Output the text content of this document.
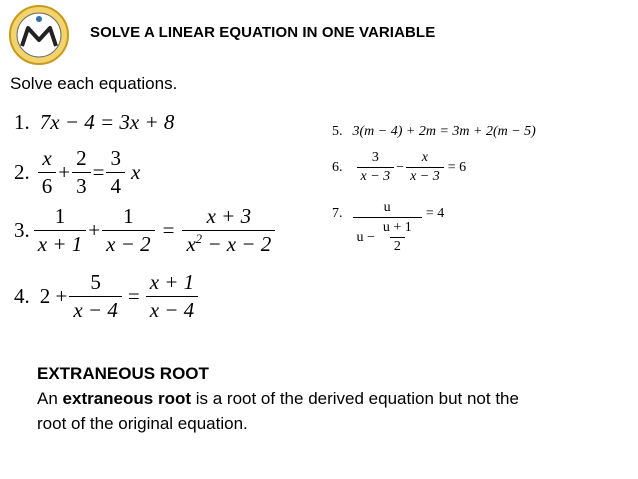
SOLVE A LINEAR EQUATION IN ONE VARIABLE
Solve each equations.
1. 7x − 4 = 3x + 8
2. $\frac{x}{6} + \frac{2}{3} = \frac{3}{4}$ x
3. $\frac{1}{x + 1} + \frac{1}{x - 2} = \frac{x + 3}{x^2 - x - 2}$
4. $2 + \frac{5}{x - 4} = \frac{x + 1}{x - 4}$
5. 3(m − 4) + 2m = 3m + 2(m − 5)
6. $\frac{3}{x - 3} - \frac{x}{x - 3} = 6$
7. $\frac{u}{u - \frac{u + 1}{2}} = 4$
EXTRANEOUS ROOT
An extraneous root is a root of the derived equation but not the
root of the original equation.
